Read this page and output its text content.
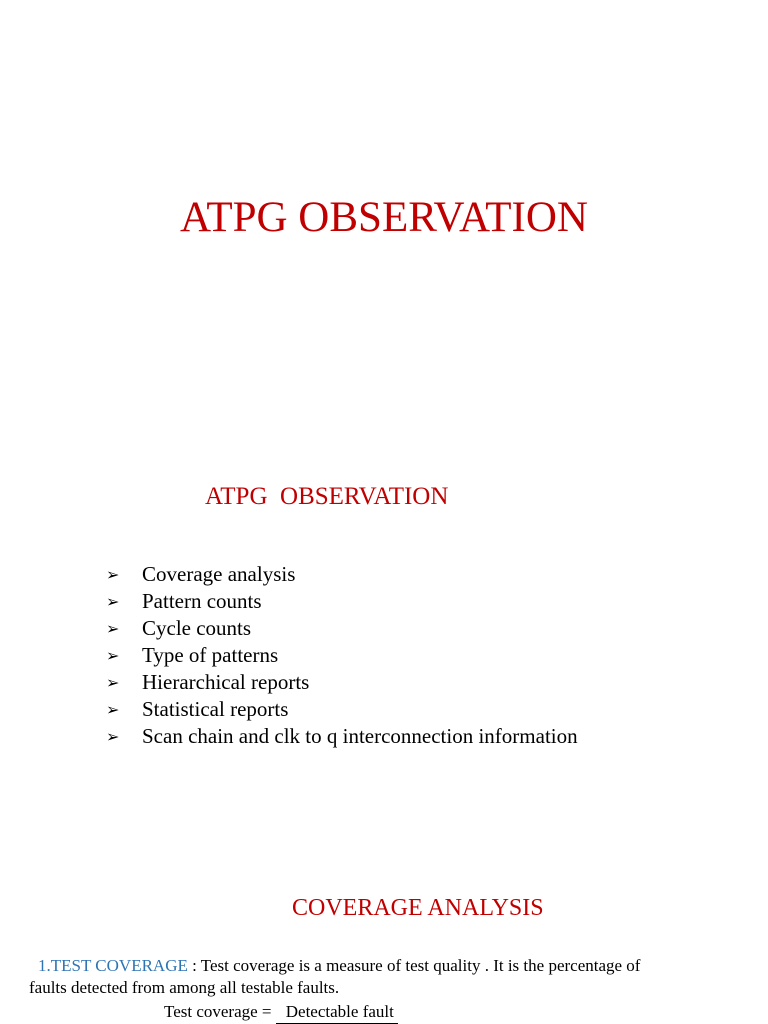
ATPG OBSERVATION
ATPG  OBSERVATION
➢	Coverage analysis
➢	Pattern counts
➢	Cycle counts
➢	Type of patterns
➢	Hierarchical reports
➢	Statistical reports
➢	Scan chain and clk to q interconnection information
COVERAGE ANALYSIS
1.TEST COVERAGE : Test coverage is a measure of test quality . It is the percentage of
faults detected from among all testable faults.
Test coverage = Detectable fault
